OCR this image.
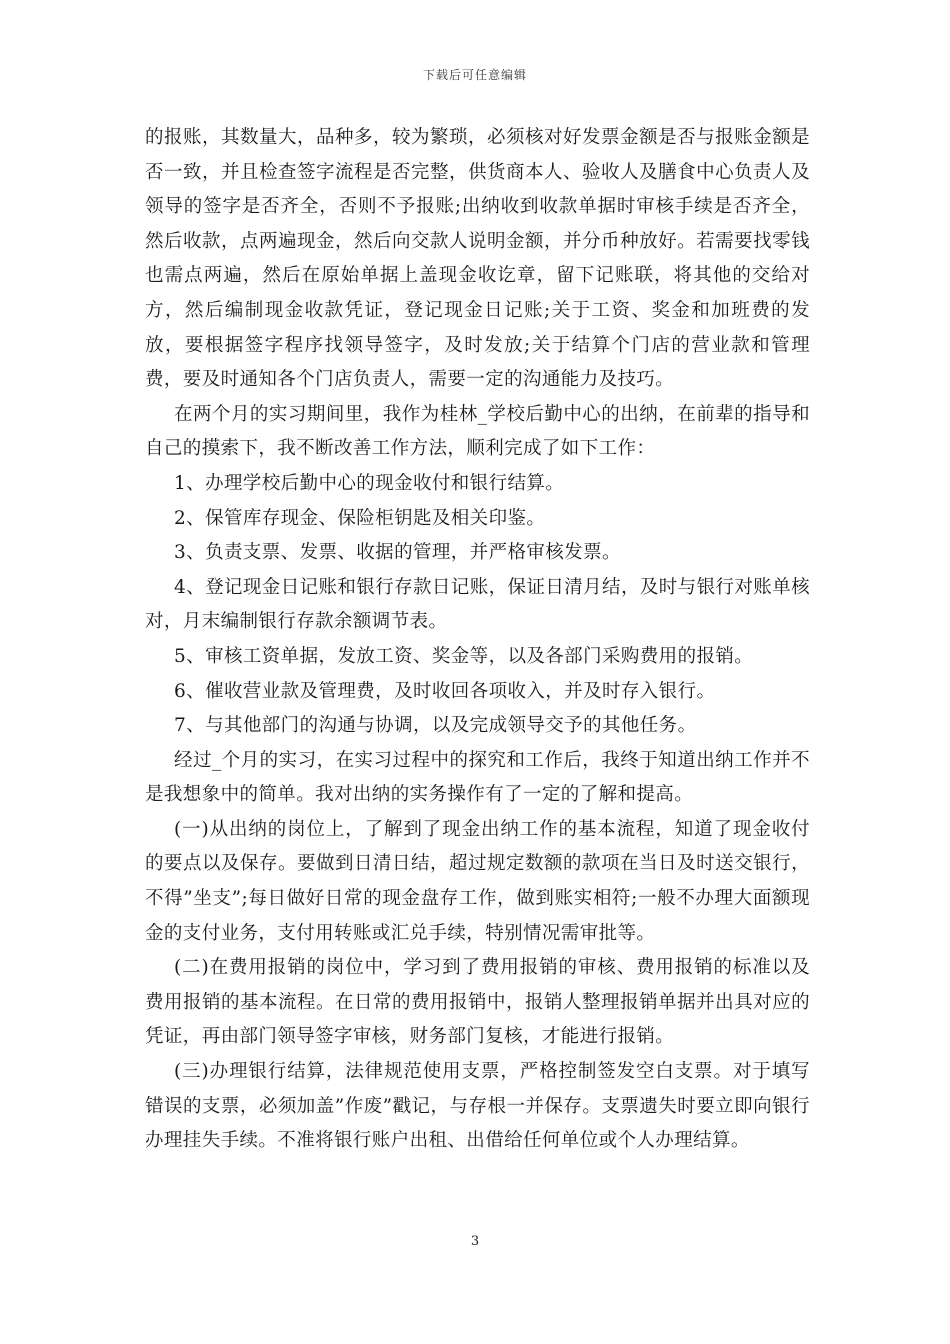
下载后可任意编辑

的报账，其数量大，品种多，较为繁琐，必须核对好发票金额是否与报账金额是否一致，并且检查签字流程是否完整，供货商本人、验收人及膳食中心负责人及领导的签字是否齐全，否则不予报账;出纳收到收款单据时审核手续是否齐全，然后收款，点两遍现金，然后向交款人说明金额，并分币种放好。若需要找零钱也需点两遍，然后在原始单据上盖现金收讫章，留下记账联，将其他的交给对方，然后编制现金收款凭证，登记现金日记账;关于工资、奖金和加班费的发放，要根据签字程序找领导签字，及时发放;关于结算个门店的营业款和管理费，要及时通知各个门店负责人，需要一定的沟通能力及技巧。

在两个月的实习期间里，我作为桂林_学校后勤中心的出纳，在前辈的指导和自己的摸索下，我不断改善工作方法，顺利完成了如下工作：

1、办理学校后勤中心的现金收付和银行结算。

2、保管库存现金、保险柜钥匙及相关印鉴。

3、负责支票、发票、收据的管理，并严格审核发票。

4、登记现金日记账和银行存款日记账，保证日清月结，及时与银行对账单核对，月末编制银行存款余额调节表。

5、审核工资单据，发放工资、奖金等，以及各部门采购费用的报销。

6、催收营业款及管理费，及时收回各项收入，并及时存入银行。

7、与其他部门的沟通与协调，以及完成领导交予的其他任务。

经过_个月的实习，在实习过程中的探究和工作后，我终于知道出纳工作并不是我想象中的简单。我对出纳的实务操作有了一定的了解和提高。

(一)从出纳的岗位上，了解到了现金出纳工作的基本流程，知道了现金收付的要点以及保存。要做到日清日结，超过规定数额的款项在当日及时送交银行，不得”坐支”;每日做好日常的现金盘存工作，做到账实相符;一般不办理大面额现金的支付业务，支付用转账或汇兑手续，特别情况需审批等。

(二)在费用报销的岗位中，学习到了费用报销的审核、费用报销的标准以及费用报销的基本流程。在日常的费用报销中，报销人整理报销单据并出具对应的凭证，再由部门领导签字审核，财务部门复核，才能进行报销。

(三)办理银行结算，法律规范使用支票，严格控制签发空白支票。对于填写错误的支票，必须加盖”作废”戳记，与存根一并保存。支票遗失时要立即向银行办理挂失手续。不准将银行账户出租、出借给任何单位或个人办理结算。

3
